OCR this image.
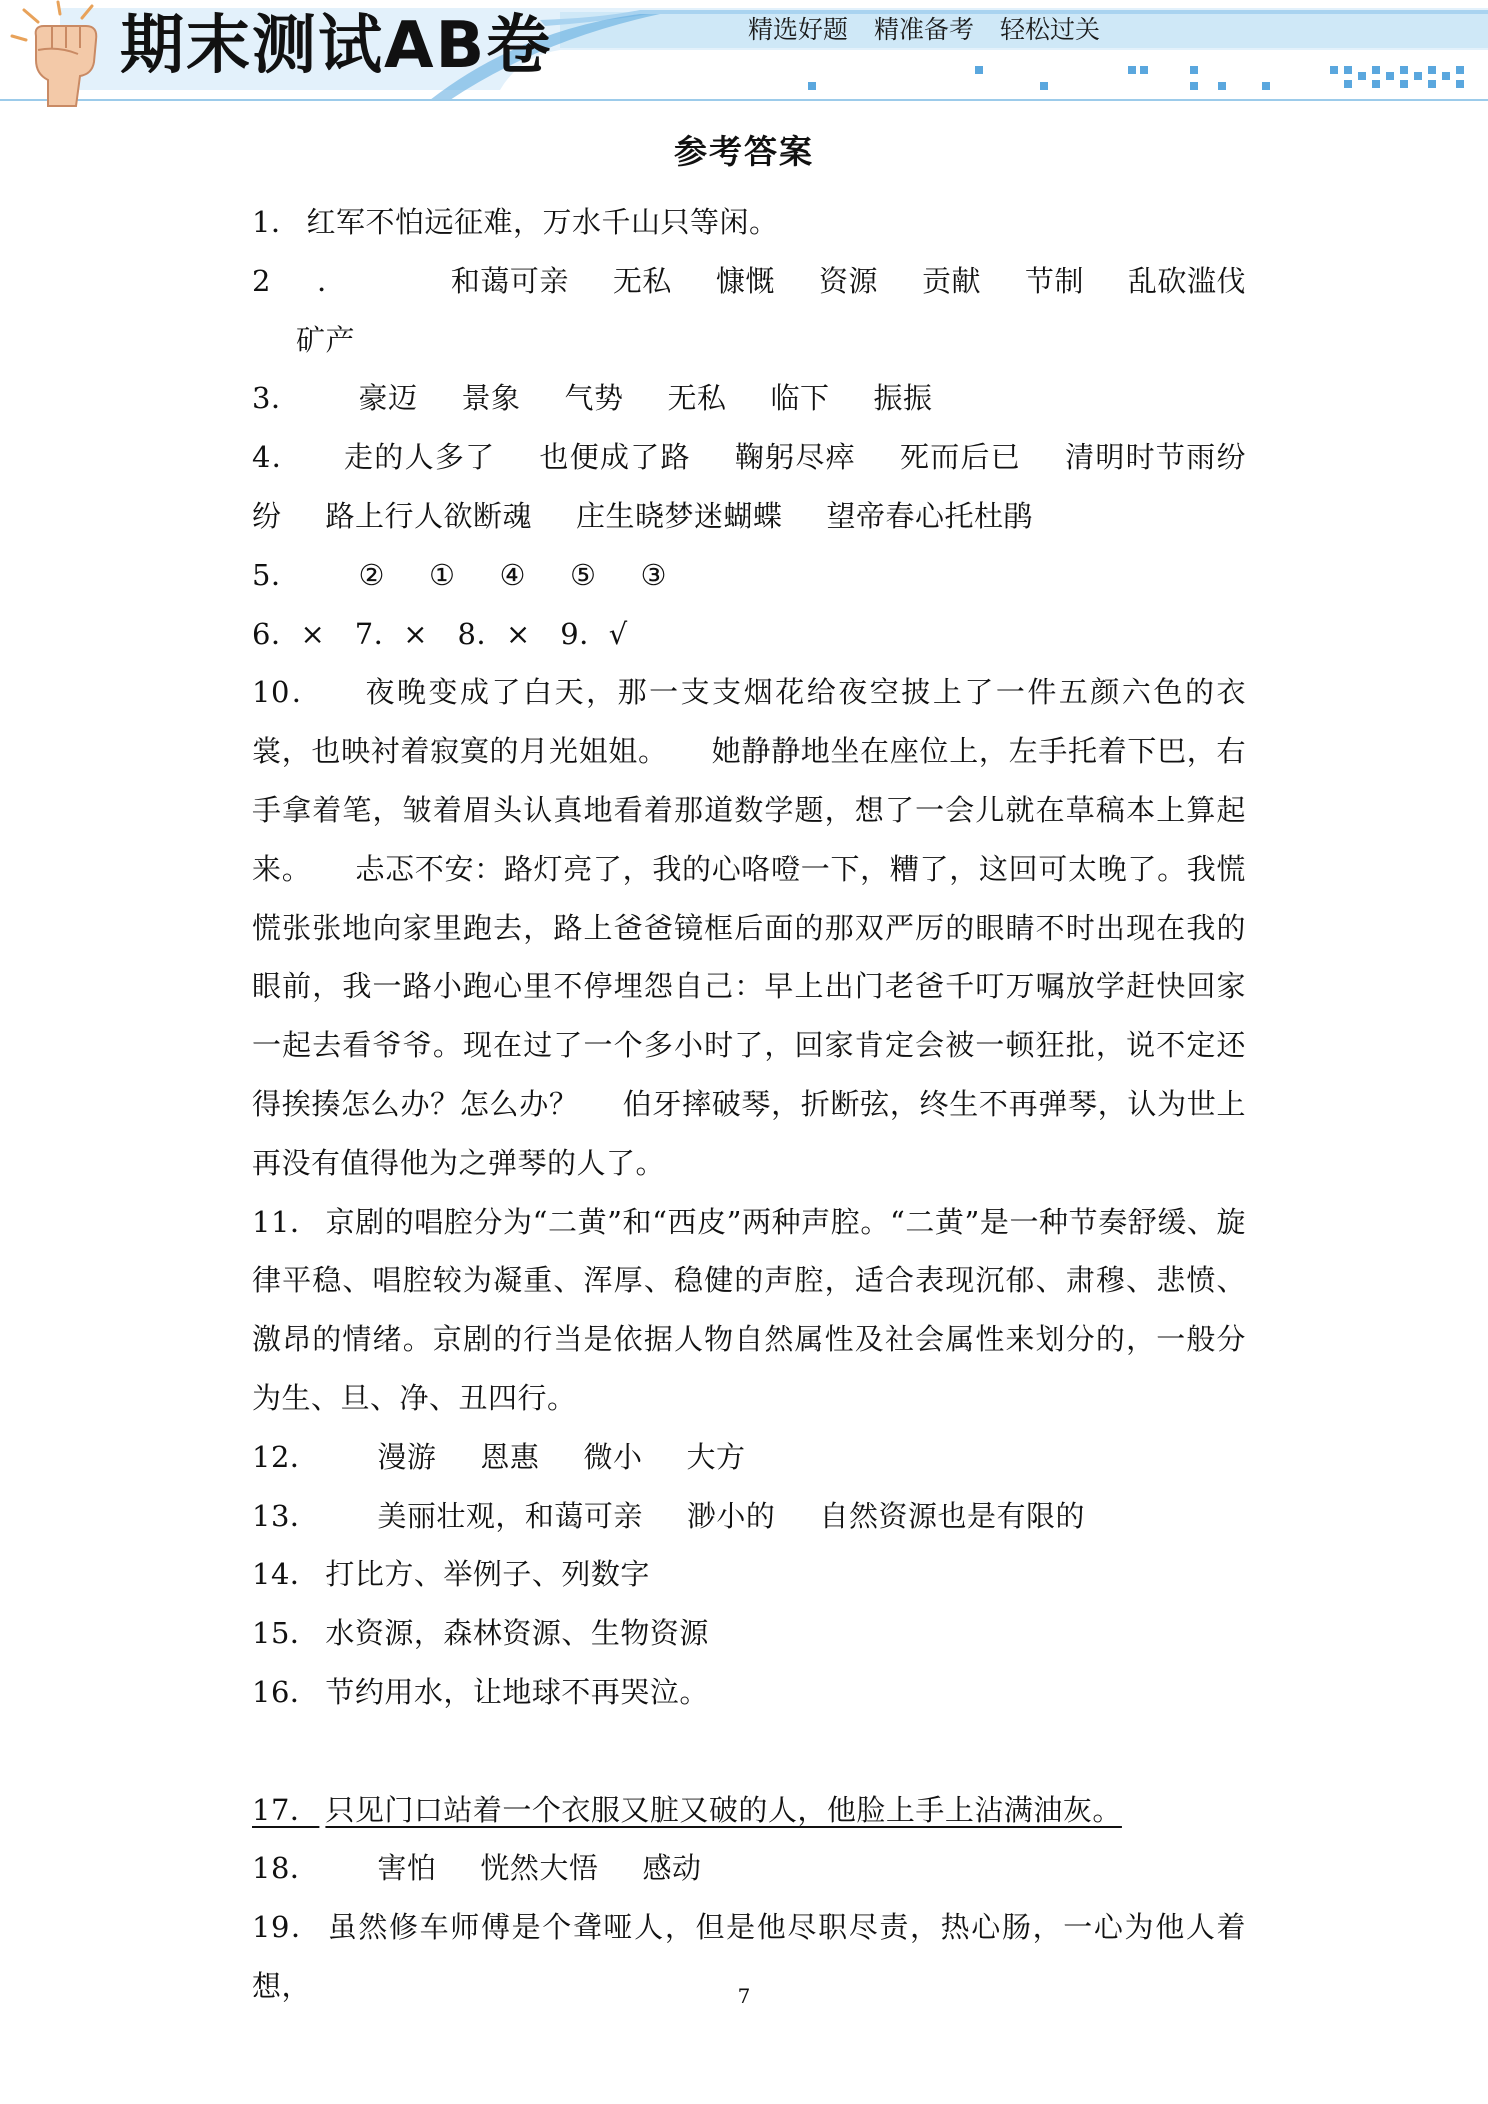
期末测试AB卷	精选好题 精准备考 轻松过关
参考答案

1． 红军不怕远征难，万水千山只等闲。

2． 和蔼可亲 无私 慷慨 资源 贡献 节制 乱砍滥伐矿产

3． 豪迈 景象 气势 无私 临下 振振

4． 走的人多了 也便成了路 鞠躬尽瘁 死而后已 清明时节雨纷纷 路上行人欲断魂 庄生晓梦迷蝴蝶 望帝春心托杜鹃

5． ② ① ④ ⑤ ③

6．×　7．×　8．×　9．√

10． 夜晚变成了白天，那一支支烟花给夜空披上了一件五颜六色的衣裳，也映衬着寂寞的月光姐姐。 她静静地坐在座位上，左手托着下巴，右手拿着笔，皱着眉头认真地看着那道数学题，想了一会儿就在草稿本上算起来。 忐忑不安：路灯亮了，我的心咯噔一下，糟了，这回可太晚了。我慌慌张张地向家里跑去，路上爸爸镜框后面的那双严厉的眼睛不时出现在我的眼前，我一路小跑心里不停埋怨自己：早上出门老爸千叮万嘱放学赶快回家一起去看爷爷。现在过了一个多小时了，回家肯定会被一顿狂批，说不定还得挨揍怎么办？怎么办？ 伯牙摔破琴，折断弦，终生不再弹琴，认为世上再没有值得他为之弹琴的人了。

11． 京剧的唱腔分为“二黄”和“西皮”两种声腔。“二黄”是一种节奏舒缓、旋律平稳、唱腔较为凝重、浑厚、稳健的声腔，适合表现沉郁、肃穆、悲愤、激昂的情绪。京剧的行当是依据人物自然属性及社会属性来划分的，一般分为生、旦、净、丑四行。

12． 漫游 恩惠 微小 大方

13． 美丽壮观，和蔼可亲 渺小的 自然资源也是有限的

14． 打比方、举例子、列数字

15． 水资源，森林资源、生物资源

16． 节约用水，让地球不再哭泣。

17． 只见门口站着一个衣服又脏又破的人，他脸上手上沾满油灰。

18． 害怕 恍然大悟 感动

19． 虽然修车师傅是个聋哑人，但是他尽职尽责，热心肠，一心为他人着想，	7
